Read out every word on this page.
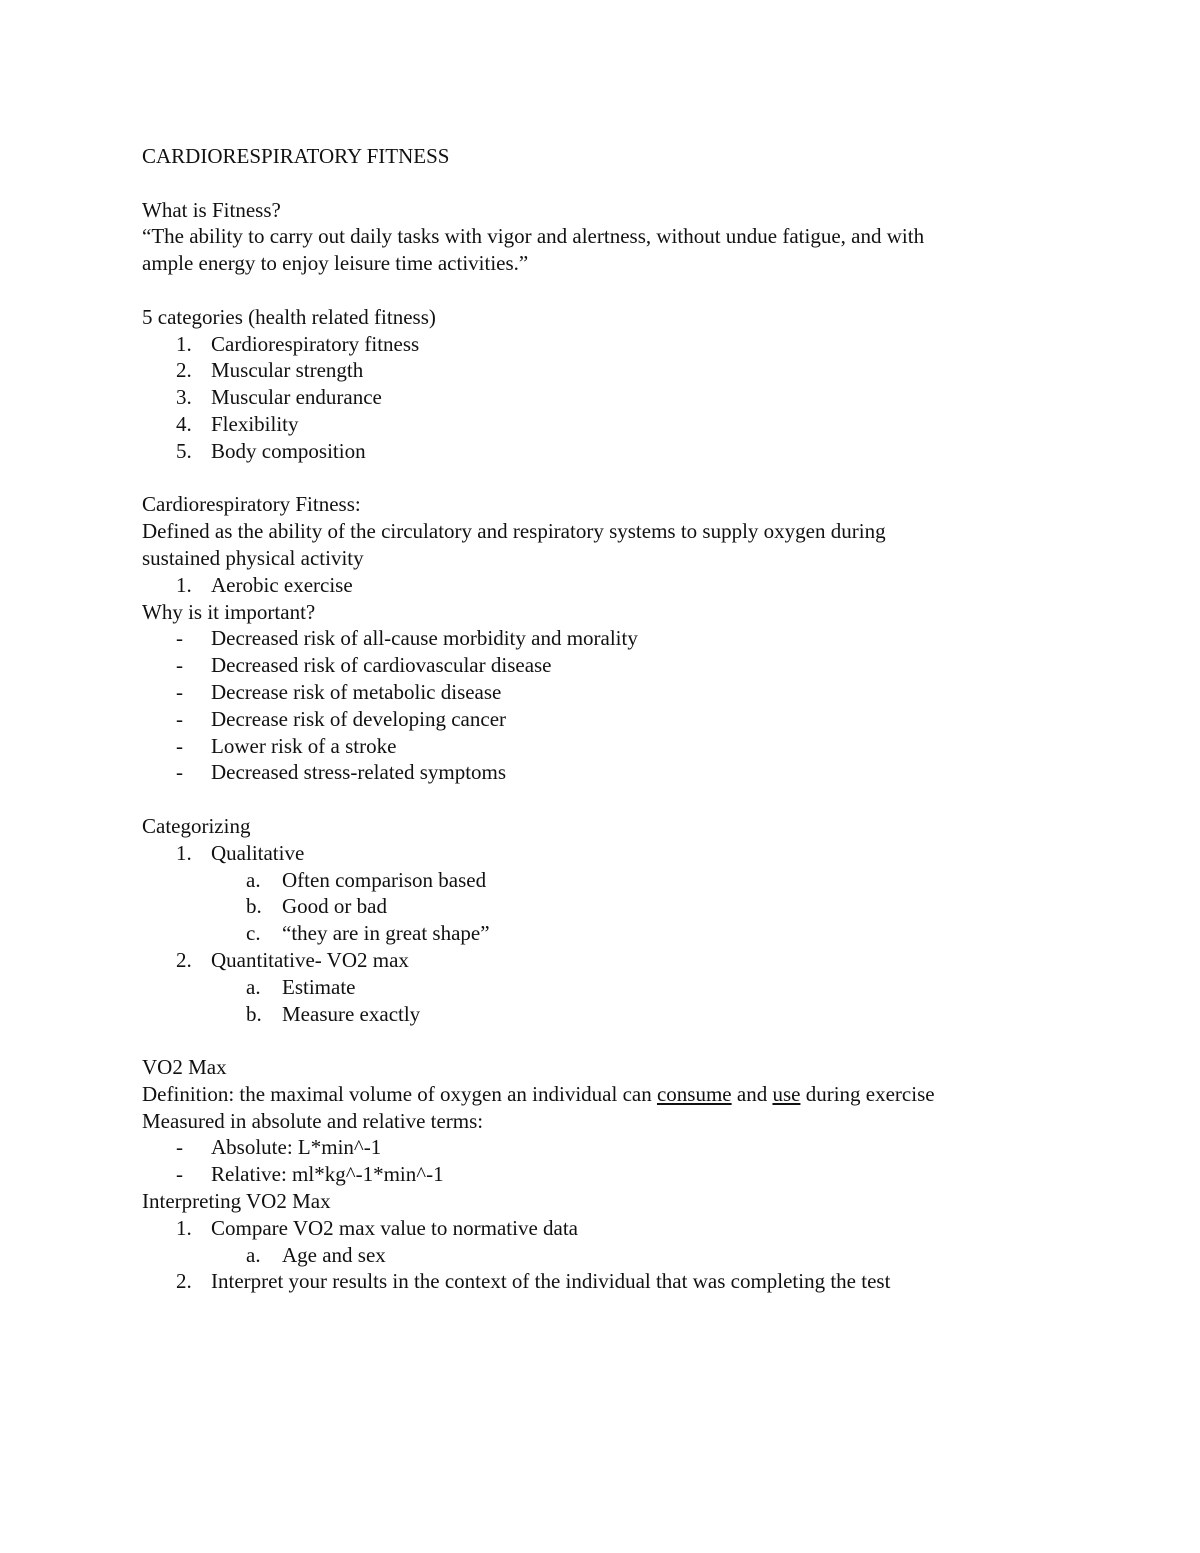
CARDIORESPIRATORY FITNESS
What is Fitness?
“The ability to carry out daily tasks with vigor and alertness, without undue fatigue, and with
ample energy to enjoy leisure time activities.”
5 categories (health related fitness)
1. Cardiorespiratory fitness
2. Muscular strength
3. Muscular endurance
4. Flexibility
5. Body composition
Cardiorespiratory Fitness:
Defined as the ability of the circulatory and respiratory systems to supply oxygen during
sustained physical activity
1. Aerobic exercise
Why is it important?
-	Decreased risk of all-cause morbidity and morality
-	Decreased risk of cardiovascular disease
-	Decrease risk of metabolic disease
-	Decrease risk of developing cancer
-	Lower risk of a stroke
-	Decreased stress-related symptoms
Categorizing
1. Qualitative
a.	Often comparison based
b. Good or bad
c.	“they are in great shape”
2. Quantitative- VO2 max
a.	Estimate
b. Measure exactly
VO2 Max
Definition: the maximal volume of oxygen an individual can consume and use during exercise
Measured in absolute and relative terms:
-	Absolute: L*min^-1
-	Relative: ml*kg^-1*min^-1
Interpreting VO2 Max
1. Compare VO2 max value to normative data
a.	Age and sex
2. Interpret your results in the context of the individual that was completing the test
